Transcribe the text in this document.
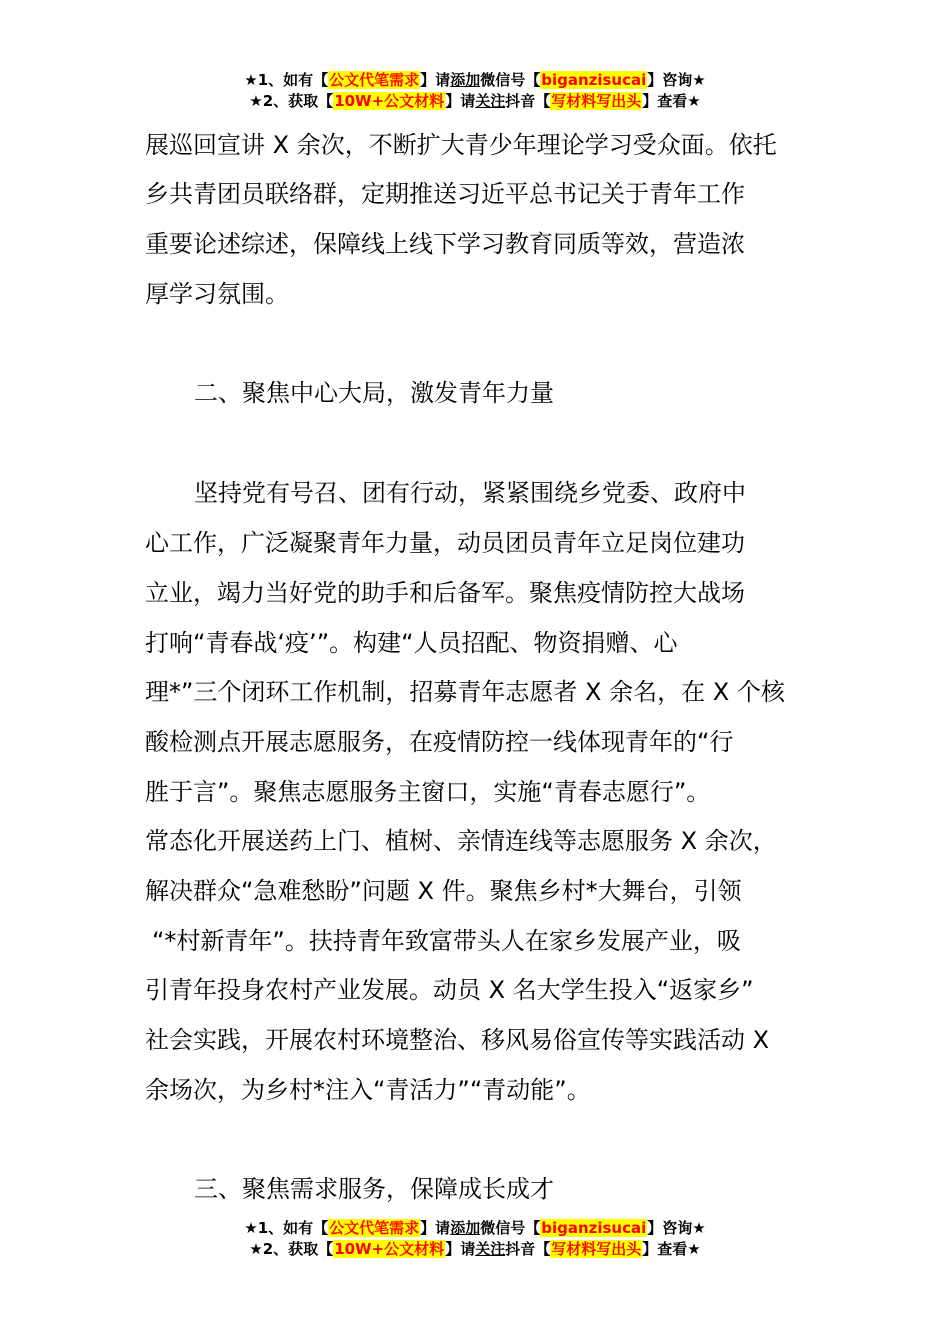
★1、如有【公文代笔需求】请添加微信号【biganzisucai】咨询★
★2、获取【10W+公文材料】请关注抖音【写材料写出头】查看★
展巡回宣讲 X 余次，不断扩大青少年理论学习受众面。依托
乡共青团员联络群，定期推送习近平总书记关于青年工作
重要论述综述，保障线上线下学习教育同质等效，营造浓
厚学习氛围。
二、聚焦中心大局，激发青年力量
坚持党有号召、团有行动，紧紧围绕乡党委、政府中
心工作，广泛凝聚青年力量，动员团员青年立足岗位建功
立业，竭力当好党的助手和后备军。聚焦疫情防控大战场
打响“青春战‘疫’”。构建“人员招配、物资捐赠、心
理*”三个闭环工作机制，招募青年志愿者 X 余名，在 X 个核
酸检测点开展志愿服务，在疫情防控一线体现青年的“行
胜于言”。聚焦志愿服务主窗口，实施“青春志愿行”。
常态化开展送药上门、植树、亲情连线等志愿服务 X 余次，
解决群众“急难愁盼”问题 X 件。聚焦乡村*大舞台，引领
“*村新青年”。扶持青年致富带头人在家乡发展产业，吸
引青年投身农村产业发展。动员 X 名大学生投入“返家乡”
社会实践，开展农村环境整治、移风易俗宣传等实践活动 X
余场次，为乡村*注入“青活力”“青动能”。
三、聚焦需求服务，保障成长成才
★1、如有【公文代笔需求】请添加微信号【biganzisucai】咨询★
★2、获取【10W+公文材料】请关注抖音【写材料写出头】查看★
